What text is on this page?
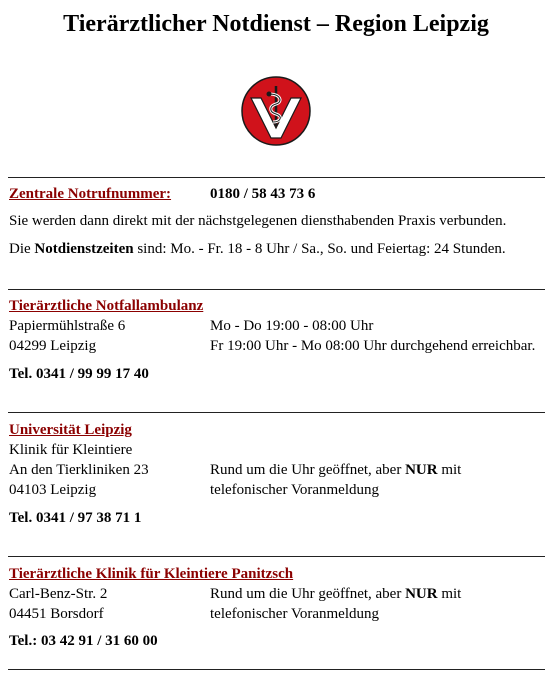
Tierärztlicher Notdienst – Region Leipzig
Zentrale Notrufnummer:	0180 / 58 43 73 6
Sie werden dann direkt mit der nächstgelegenen diensthabenden Praxis verbunden.
Die Notdienstzeiten sind: Mo. - Fr. 18 - 8 Uhr / Sa., So. und Feiertag: 24 Stunden.
Tierärztliche Notfallambulanz
Papiermühlstraße 6	Mo - Do 19:00 - 08:00 Uhr
04299 Leipzig	Fr 19:00 Uhr - Mo 08:00 Uhr durchgehend erreichbar.
Tel. 0341 / 99 99 17 40
Universität Leipzig
Klinik für Kleintiere
An den Tierkliniken 23	Rund um die Uhr geöffnet, aber NUR mit
04103 Leipzig	telefonischer Voranmeldung
Tel. 0341 / 97 38 71 1
Tierärztliche Klinik für Kleintiere Panitzsch
Carl-Benz-Str. 2	Rund um die Uhr geöffnet, aber NUR mit
04451 Borsdorf	telefonischer Voranmeldung
Tel.: 03 42 91 / 31 60 00
